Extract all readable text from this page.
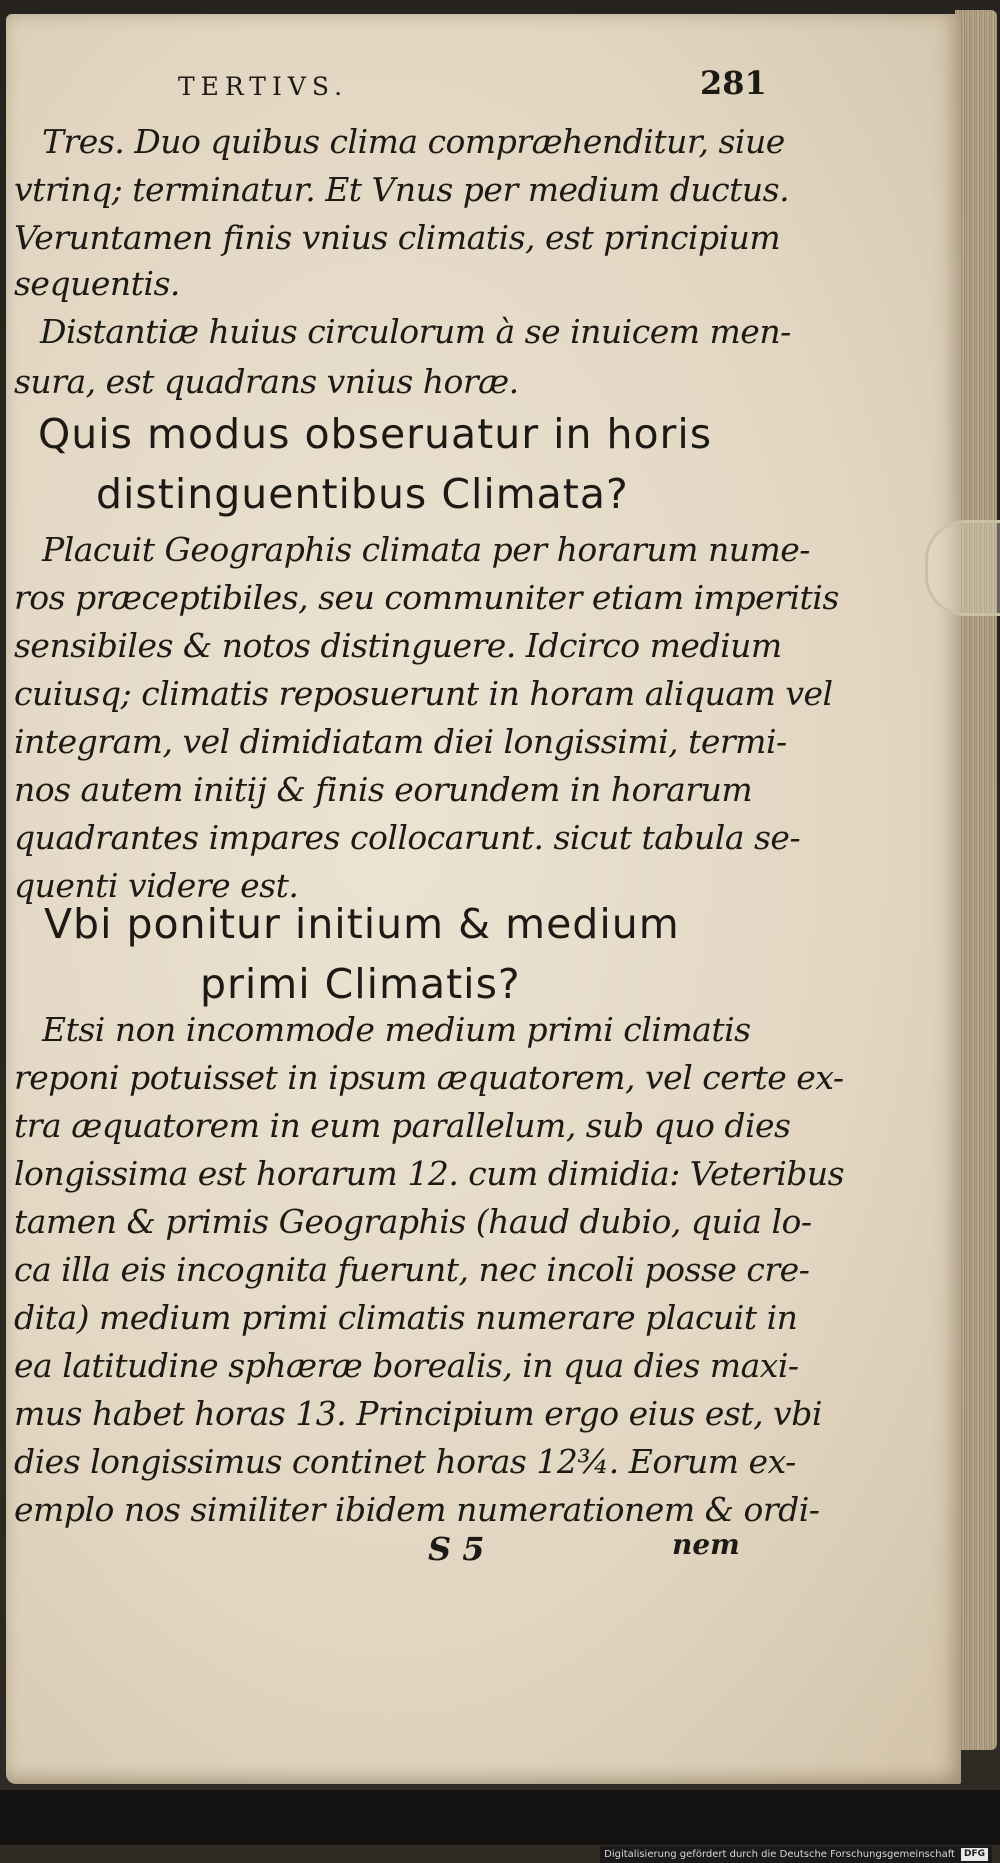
TERTIVS.	281
Tres. Duo quibus clima compræhenditur, siue
vtrinq; terminatur. Et Vnus per medium ductus.
Veruntamen finis vnius climatis, est principium
sequentis.
Distantiæ huius circulorum à se inuicem men-
sura, est quadrans vnius horæ.
Quis modus obseruatur in horis
distinguentibus Climata?
Placuit Geographis climata per horarum nume-
ros præceptibiles, seu communiter etiam imperitis
sensibiles & notos distinguere. Idcirco medium
cuiusq; climatis reposuerunt in horam aliquam vel
integram, vel dimidiatam diei longissimi, termi-
nos autem initij & finis eorundem in horarum
quadrantes impares collocarunt. sicut tabula se-
quenti videre est.
Vbi ponitur initium & medium
primi Climatis?
Etsi non incommode medium primi climatis
reponi potuisset in ipsum æquatorem, vel certe ex-
tra æquatorem in eum parallelum, sub quo dies
longissima est horarum 12. cum dimidia: Veteribus
tamen & primis Geographis (haud dubio, quia lo-
ca illa eis incognita fuerunt, nec incoli posse cre-
dita) medium primi climatis numerare placuit in
ea latitudine sphæræ borealis, in qua dies maxi-
mus habet horas 13. Principium ergo eius est, vbi
dies longissimus continet horas 12¾. Eorum ex-
emplo nos similiter ibidem numerationem & ordi-
S 5	nem
Digitalisierung gefördert durch die Deutsche Forschungsgemeinschaft	DFG
